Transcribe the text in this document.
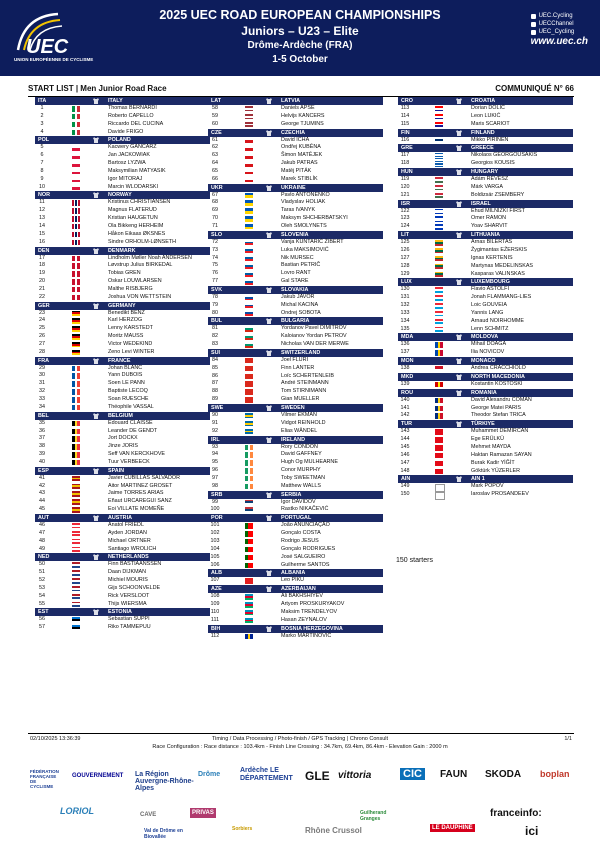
UEC
UNION EUROPÉENNE DE CYCLISME
2025 UEC ROAD EUROPEAN CHAMPIONSHIPS
Juniors – U23 – Elite
Drôme-Ardèche (FRA)
1-5 October
UEC.Cycling
UECChannel
UEC_Cycling
www.uec.ch
START LIST | Men Junior Road Race	COMMUNIQUÉ N° 66
ITA	ITALY
1	Thomas BERNARDI
2	Roberto CAPELLO
3	Riccardo DEL CUCINA
4	Davide FRIGO
POL	POLAND
5	Kacwery GANCARZ
6	Jan JACKOWIAK
7	Bartosz LYZWA
8	Maksymilian MATYASIK
9	Igor MITORAJ
10	Marcin WLODARSKI
NOR	NORWAY
11	Kristinus CHRISTIANSEN
12	Magnus FLATERUD
13	Kristian HAUGETUN
14	Ola Bikkeng HERHEIM
15	Håkon Eikaas ØKSNES
16	Sindre ORHOLM-LØNSETH
DEN	DENMARK
17	Lindholm Møller Noah ANDERSEN
18	Løvstrup Julius BIRKEDAL
19	Tobias GREN
20	Oskar LOUWLARSEN
21	Malthe RISBJERG
22	Joshua VON WETTSTEIN
GER	GERMANY
23	Benedikt BENZ
24	Karl HERZOG
25	Lenny KARSTEDT
26	Moritz MAUSS
27	Victor WEDEKIND
28	Zeno Levi WINTER
FRA	FRANCE
29	Johan BLANC
30	Yann DUBOIS
31	Soen LE PANN
32	Baptiste LECOQ
33	Soan RUESCHE
34	Théophile VASSAL
BEL	BELGIUM
35	Edouard CLAISSE
36	Leander DE GENDT
37	Jort DOCKX
38	Jinze JORIS
39	Seff VAN KERCKHOVE
40	Tuur VERBEECK
ESP	SPAIN
41	Javier CUBILLAS SALVADOR
42	Aitor MARTINEZ GROSET
43	Jaime TORRES ARIAS
44	Eñaut URCAREGUI SANZ
45	Eoi VILLATE MOMEÑE
AUT	AUSTRIA
46	Anatol FRIEDL
47	Ayden JORDAN
48	Michael ORTNER
49	Santiago WROLICH
NED	NETHERLANDS
50	Finn BASTIAANSSEN
51	Daan DIJKMAN
52	Michiel MOURIS
53	Gijs SCHOONVELDE
54	Rick VERSLOOT
55	Thijs WIERSMA
EST	ESTONIA
56	Sebastian SUPPI
57	Riko TAMMEPUU
LAT	LATVIA
58	Daniels APSE
59	Helvijs KANCERS
60	George TJUMINS
CZE	CZECHIA
61	David ICHA
62	Ondřej KUBĚNA
63	Šimon MATĚJEK
64	Jakub PATRAS
65	Matěj PITÁK
66	Marek STIBLÍK
UKR	UKRAINE
67	Pavlo ANTONENKO
68	Vladyslav HOLIAK
69	Taras IVANYK
70	Maksym SHCHERBATSKYI
71	Oleh SMOLYNETS
SLO	SLOVENIA
72	Vanja KUNTARIĆ ŽIBERT
73	Luka MAKSIMOVIĆ
74	Nik MURSEC
75	Bastian PETRIČ
76	Lovro RANT
77	Gal STARE
SVK	SLOVAKIA
78	Jakub JAVOR
79	Michal KACINA
80	Ondrej SOBOTA
BUL	BULGARIA
81	Yordanov Pavel DIMITROV
82	Kaloianov Yordan PETROV
83	Nicholas VAN DER MERWE
SUI	SWITZERLAND
84	Joel FLURI
85	Finn LANTER
86	Loïc SCHERTENLEIB
87	André STEINMANN
88	Tom STIRNIMANN
89	Gian MUELLER
SWE	SWEDEN
90	Vilmer EKMAN
91	Vidgot REINHOLD
92	Elias WÄNDEL
IRL	IRELAND
93	Rory CONDON
94	David GAFFNEY
95	Hugh Og MULHEARNE
96	Conor MURPHY
97	Toby SWEETMAN
98	Matthew WALLS
SRB	SERBIA
99	Igor DAVIDOV
100	Rastko NIKAČEVIĆ
POR	PORTUGAL
101	João ANUNCIAÇÃO
102	Gonçalo COSTA
103	Rodrigo JESUS
104	Gonçalo RODRIGUES
105	José SALGUEIRO
106	Guilherme SANTOS
ALB	ALBANIA
107	Leo PIKU
AZE	AZERBAIJAN
108	Ali BAKHSHIYEV
109	Artyom PROSKURYAKOV
110	Maksim TRENDELYOV
111	Hasan ZEYNALOV
BIH	BOSNIA HERZEGOVINA
112	Marko MARTINOVIĆ
CRO	CROATIA
113	Dorian DOLIĆ
114	Leon LUKIĆ
115	Maris SCARIOT
FIN	FINLAND
116	Mikko PIRINEN
GRE	GREECE
117	Nikolaos GEORGOUSAKIS
118	Georgios KOUSIS
HUN	HUNGARY
119	Ádám RÉVÉSZ
120	Márk VARGA
121	Boldizsár ZSEMBERY
ISR	ISRAEL
122	Ehud MILNIZKI FIRST
123	Omer RAMON
124	Yoav SHARVIT
LIT	LITHUANIA
125	Arnas BILERTAS
126	Žygimantas EŽERSKIS
127	Ignas KERTENIS
128	Martynas MEDELINSKAS
129	Kasparas VALINSKAS
LUX	LUXEMBOURG
130	Flavio ASTOLFI
131	Jonah FLAMMANG-LIES
132	Loic GOUVEIA
133	Yannis LANG
134	Arnaud NOIRHOMME
135	Lenn SCHMITZ
MDA	MOLDOVA
136	Mihail DOAGA
137	Ilia NOVICOV
MON	MONACO
138	Andrea CRACCHIOLO
MKD	NORTH MACEDONIA
139	Kostantin KOSTOSKI
ROU	ROMANIA
140	David Alexandru COMAN
141	George Matei PARIS
142	Theodor Stefan TRICA
TUR	TÜRKIYE
143	Muhammet DEMİRCAN
144	Ege ERÜLKÜ
145	Mehmet MAYDA
146	Haktan Ramazan SAYAN
147	Burak Kadir YİĞİT
148	Göktürk YÜZERLER
AIN	AIN 1
149	Mark POPOV
150	Iaroslav PROSANDEEV
150 starters
02/10/2025 13:36:39	Timing / Data Processing / Photo-finish / GPS Tracking | Chrono Consult	1/1
Race Configuration : Race distance : 103.4km - Finish Line Crossing : 34.7km, 69.4km, 86.4km - Elevation Gain : 2000 m
FÉDÉRATION FRANÇAISE DE CYCLISME
GOUVERNEMENT La Région Auvergne-Rhône-Alpes
Drôme
Ardèche LE DÉPARTEMENT	GLE vittoria	CIC	FAUN SKODA boplan
LORIOL	CAVE	PRIVAS
Val de Drôme en Biovallée
Sorbiers	Rhône Crussol
Guilherand Granges
LE DAUPHINÉ
franceinfo:
ici
